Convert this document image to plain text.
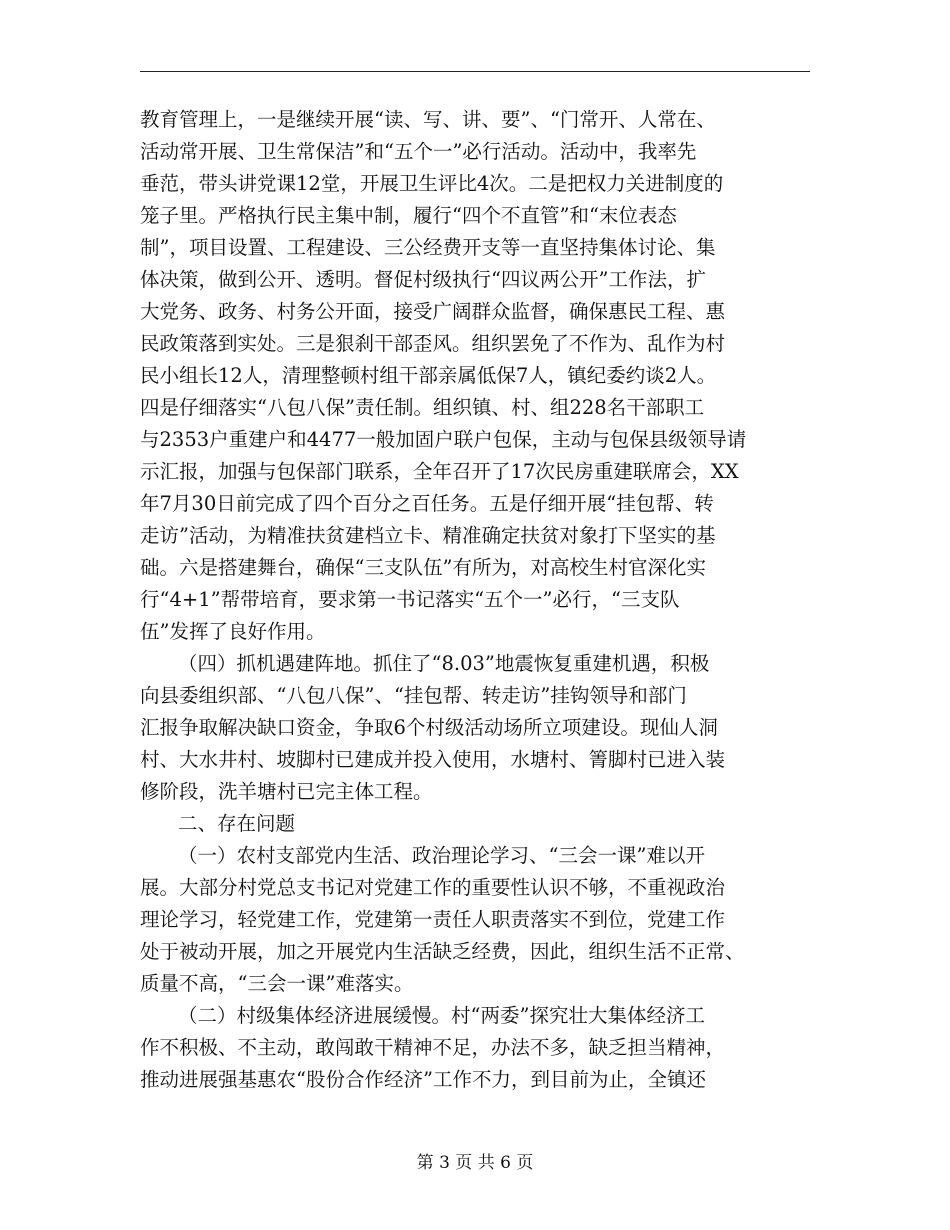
教育管理上，一是继续开展“读、写、讲、要”、“门常开、人常在、
活动常开展、卫生常保洁”和“五个一”必行活动。活动中，我率先
垂范，带头讲党课12堂，开展卫生评比4次。二是把权力关进制度的
笼子里。严格执行民主集中制，履行“四个不直管”和“末位表态
制”，项目设置、工程建设、三公经费开支等一直坚持集体讨论、集
体决策，做到公开、透明。督促村级执行“四议两公开”工作法，扩
大党务、政务、村务公开面，接受广阔群众监督，确保惠民工程、惠
民政策落到实处。三是狠刹干部歪风。组织罢免了不作为、乱作为村
民小组长12人，清理整顿村组干部亲属低保7人，镇纪委约谈2人。
四是仔细落实“八包八保”责任制。组织镇、村、组228名干部职工
与2353户重建户和4477一般加固户联户包保，主动与包保县级领导请
示汇报，加强与包保部门联系，全年召开了17次民房重建联席会，XX
年7月30日前完成了四个百分之百任务。五是仔细开展“挂包帮、转
走访”活动，为精准扶贫建档立卡、精准确定扶贫对象打下坚实的基
础。六是搭建舞台，确保“三支队伍”有所为，对高校生村官深化实
行“4+1”帮带培育，要求第一书记落实“五个一”必行，“三支队
伍”发挥了良好作用。
（四）抓机遇建阵地。抓住了“8.03”地震恢复重建机遇，积极
向县委组织部、“八包八保”、“挂包帮、转走访”挂钩领导和部门
汇报争取解决缺口资金，争取6个村级活动场所立项建设。现仙人洞
村、大水井村、坡脚村已建成并投入使用，水塘村、箐脚村已进入装
修阶段，洗羊塘村已完主体工程。
二、存在问题
（一）农村支部党内生活、政治理论学习、“三会一课”难以开
展。大部分村党总支书记对党建工作的重要性认识不够，不重视政治
理论学习，轻党建工作，党建第一责任人职责落实不到位，党建工作
处于被动开展，加之开展党内生活缺乏经费，因此，组织生活不正常、
质量不高，“三会一课”难落实。
（二）村级集体经济进展缓慢。村“两委”探究壮大集体经济工
作不积极、不主动，敢闯敢干精神不足，办法不多，缺乏担当精神，
推动进展强基惠农“股份合作经济”工作不力，到目前为止，全镇还
第 3 页 共 6 页
